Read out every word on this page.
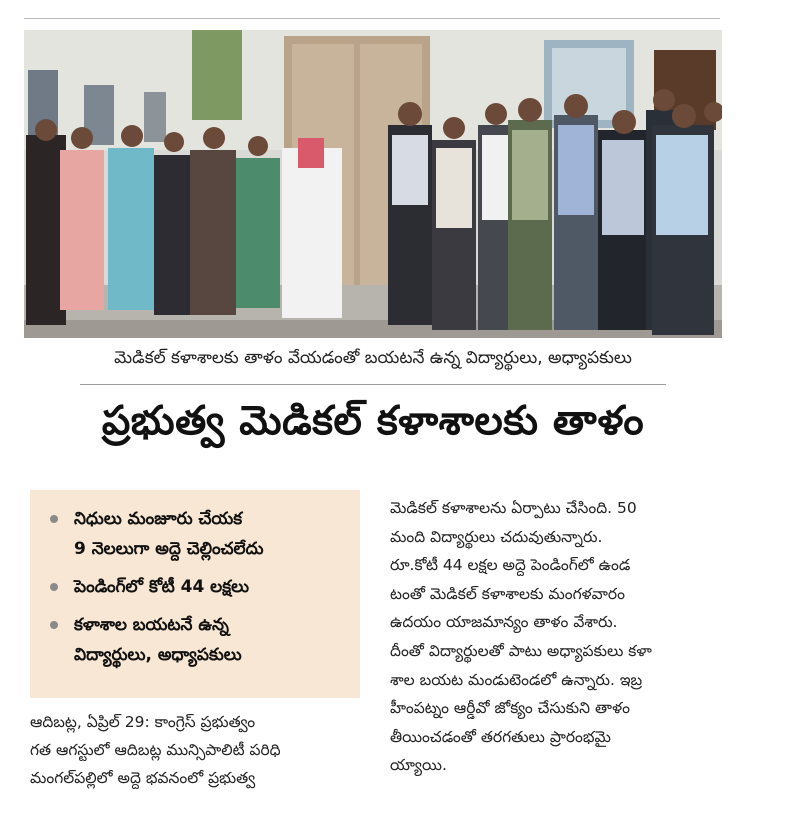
మెడికల్ కళాశాలకు తాళం వేయడంతో బయటనే ఉన్న విద్యార్థులు, అధ్యాపకులు
ప్రభుత్వ మెడికల్ కళాశాలకు తాళం
నిధులు మంజూరు చేయక
9 నెలలుగా అద్దె చెల్లించలేదు
పెండింగ్‌లో కోటీ 44 లక్షలు
కళాశాల బయటనే ఉన్న
విద్యార్థులు, అధ్యాపకులు
ఆదిబట్ల, ఏప్రిల్ 29: కాంగ్రెస్ ప్రభుత్వం
గత ఆగస్టులో ఆదిబట్ల మున్సిపాలిటీ పరిధి
మంగల్‌పల్లిలో అద్దె భవనంలో ప్రభుత్వ
మెడికల్ కళాశాలను ఏర్పాటు చేసింది. 50
మంది విద్యార్థులు చదువుతున్నారు.
రూ.కోటీ 44 లక్షల అద్దె పెండింగ్‌లో ఉండ
టంతో మెడికల్ కళాశాలకు మంగళవారం
ఉదయం యాజమాన్యం తాళం వేశారు.
దీంతో విద్యార్థులతో పాటు అధ్యాపకులు కళా
శాల బయట మండుటెండలో ఉన్నారు. ఇబ్ర
హీంపట్నం ఆర్డీవో జోక్యం చేసుకుని తాళం
తీయించడంతో తరగతులు ప్రారంభమై
య్యాయి.
